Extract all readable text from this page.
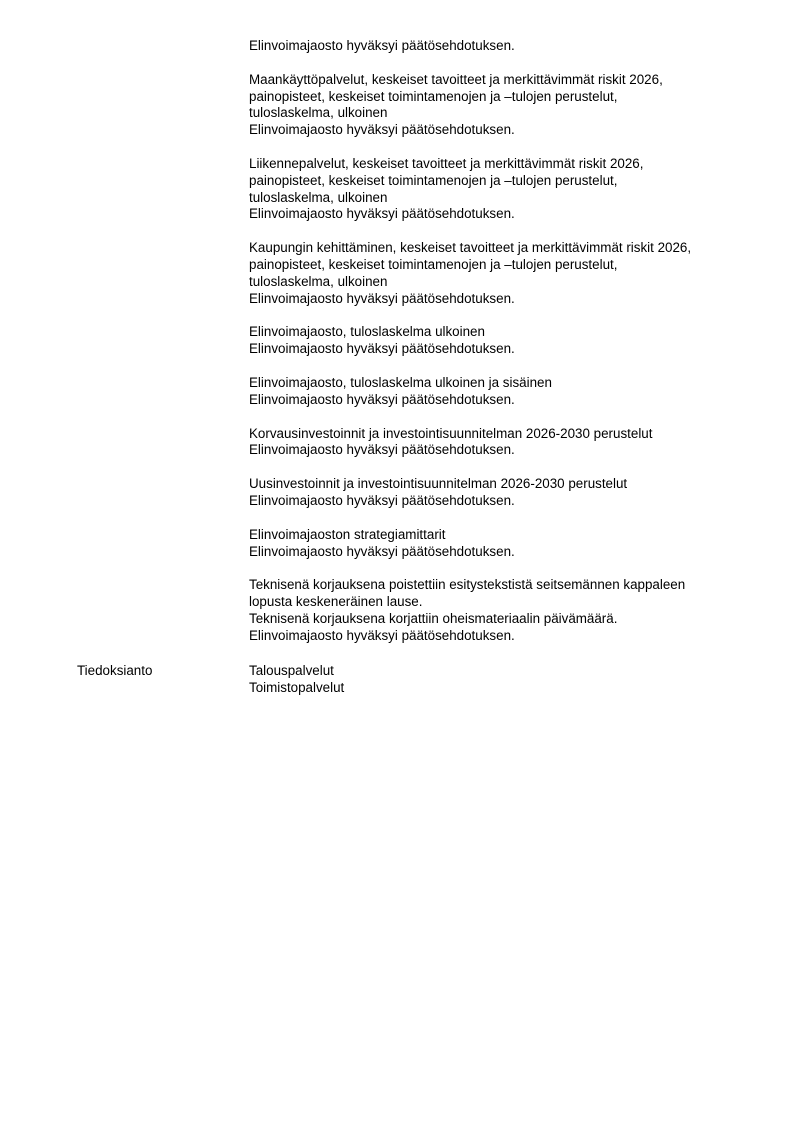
Elinvoimajaosto hyväksyi päätösehdotuksen.
Maankäyttöpalvelut, keskeiset tavoitteet ja merkittävimmät riskit 2026,
painopisteet, keskeiset toimintamenojen ja –tulojen perustelut,
tuloslaskelma, ulkoinen
Elinvoimajaosto hyväksyi päätösehdotuksen.
Liikennepalvelut, keskeiset tavoitteet ja merkittävimmät riskit 2026,
painopisteet, keskeiset toimintamenojen ja –tulojen perustelut,
tuloslaskelma, ulkoinen
Elinvoimajaosto hyväksyi päätösehdotuksen.
Kaupungin kehittäminen, keskeiset tavoitteet ja merkittävimmät riskit 2026,
painopisteet, keskeiset toimintamenojen ja –tulojen perustelut,
tuloslaskelma, ulkoinen
Elinvoimajaosto hyväksyi päätösehdotuksen.
Elinvoimajaosto, tuloslaskelma ulkoinen
Elinvoimajaosto hyväksyi päätösehdotuksen.
Elinvoimajaosto, tuloslaskelma ulkoinen ja sisäinen
Elinvoimajaosto hyväksyi päätösehdotuksen.
Korvausinvestoinnit ja investointisuunnitelman 2026-2030 perustelut
Elinvoimajaosto hyväksyi päätösehdotuksen.
Uusinvestoinnit ja investointisuunnitelman 2026-2030 perustelut
Elinvoimajaosto hyväksyi päätösehdotuksen.
Elinvoimajaoston strategiamittarit
Elinvoimajaosto hyväksyi päätösehdotuksen.
Teknisenä korjauksena poistettiin esitystekstistä seitsemännen kappaleen
lopusta keskeneräinen lause.
Teknisenä korjauksena korjattiin oheismateriaalin päivämäärä.
Elinvoimajaosto hyväksyi päätösehdotuksen.
Tiedoksianto	Talouspalvelut
Toimistopalvelut
